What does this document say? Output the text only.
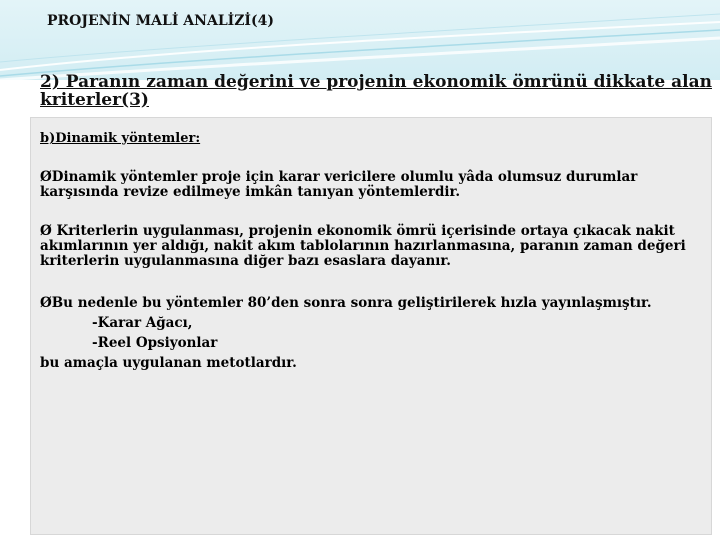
PROJENİN MALİ ANALİZİ(4)
2) Paranın zaman değerini ve projenin ekonomik ömrünü dikkate alan
kriterler(3)

b)Dinamik yöntemler:

ØDinamik yöntemler proje için karar vericilere olumlu yâda olumsuz durumlar
karşısında revize edilmeye imkân tanıyan yöntemlerdir.

Ø Kriterlerin uygulanması, projenin ekonomik ömrü içerisinde ortaya çıkacak nakit
akımlarının yer aldığı, nakit akım tablolarının hazırlanmasına, paranın zaman değeri
kriterlerin uygulanmasına diğer bazı esaslara dayanır.

ØBu nedenle bu yöntemler 80’den sonra sonra geliştirilerek hızla yayınlaşmıştır.
-Karar Ağacı,
-Reel Opsiyonlar
bu amaçla uygulanan metotlardır.
